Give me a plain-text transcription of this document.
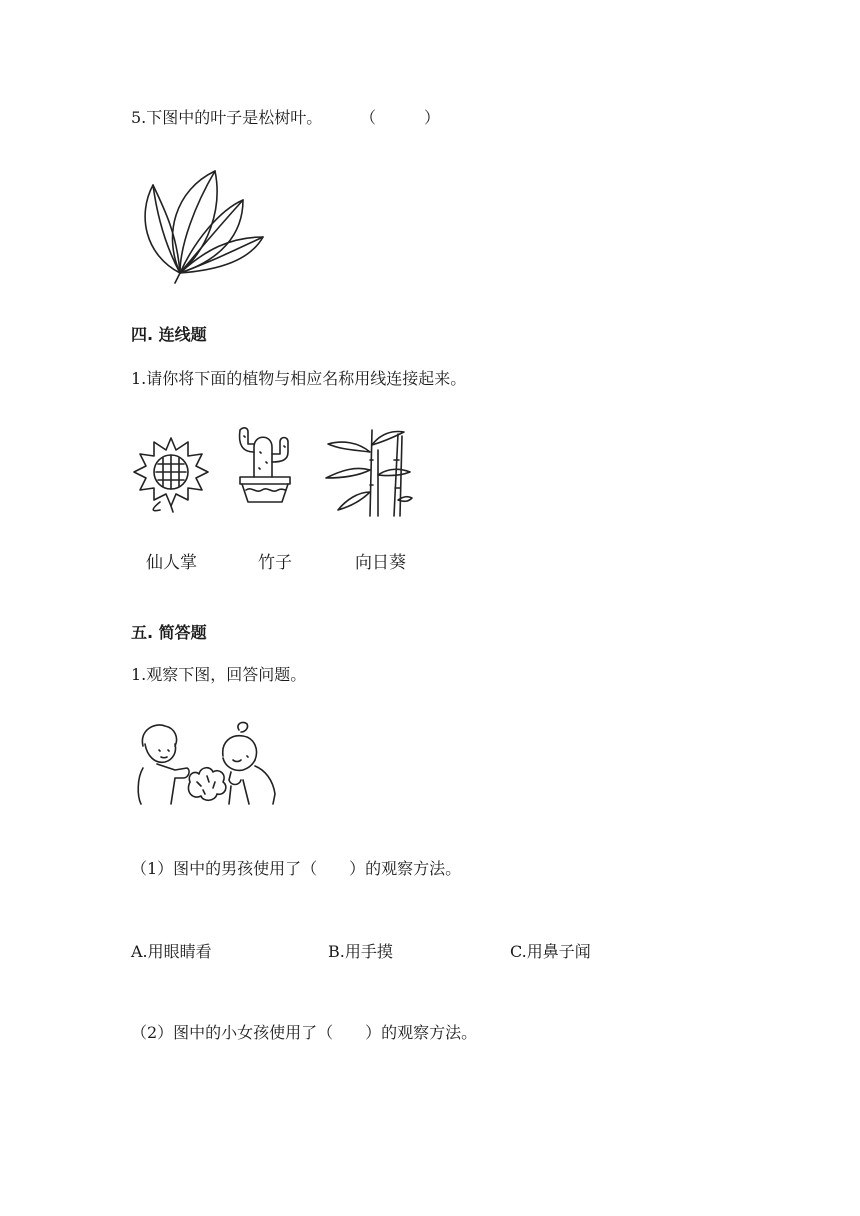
5.下图中的叶子是松树叶。 （　　　）
四. 连线题
1.请你将下面的植物与相应名称用线连接起来。
仙人掌	竹子	向日葵
五. 简答题
1.观察下图，回答问题。
（1）图中的男孩使用了（　　）的观察方法。
A.用眼睛看	B.用手摸	C.用鼻子闻
（2）图中的小女孩使用了（　　）的观察方法。
